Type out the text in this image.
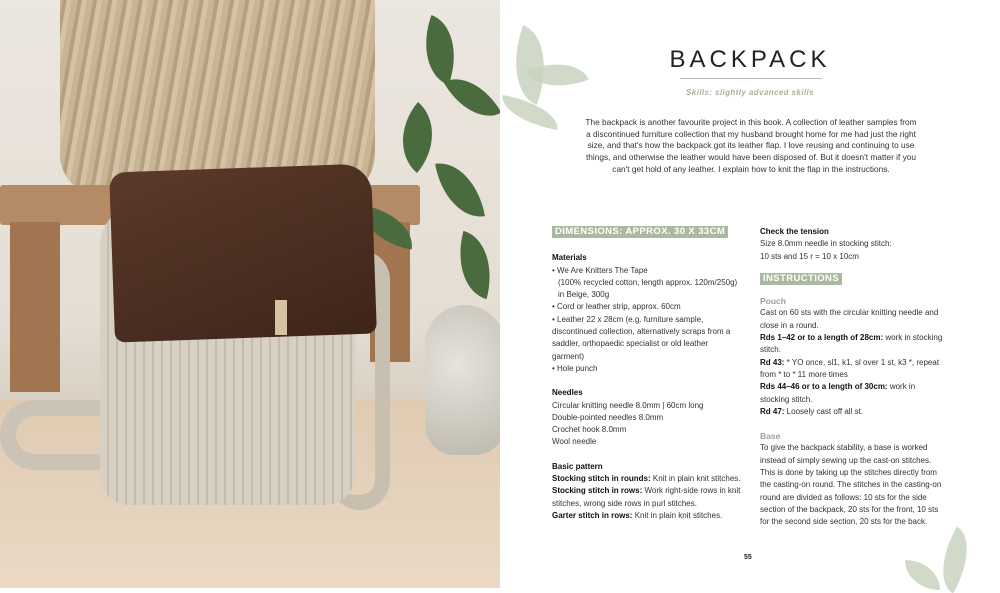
BACKPACK
Skills: slightly advanced skills
The backpack is another favourite project in this book. A collection of leather samples from a discontinued furniture collection that my husband brought home for me had just the right size, and that's how the backpack got its leather flap. I love reusing and continuing to use things, and otherwise the leather would have been disposed of. But it doesn't matter if you can't get hold of any leather. I explain how to knit the flap in the instructions.
DIMENSIONS: APPROX. 30 X 33CM
Materials
• We Are Knitters The Tape
(100% recycled cotton, length approx. 120m/250g) in Beige, 300g
• Cord or leather strip, approx. 60cm
• Leather 22 x 28cm (e.g. furniture sample, discontinued collection, alternatively scraps from a saddler, orthopaedic specialist or old leather garment)
• Hole punch
Needles
Circular knitting needle 8.0mm | 60cm long
Double-pointed needles 8.0mm
Crochet hook 8.0mm
Wool needle
Basic pattern
Stocking stitch in rounds: Knit in plain knit stitches.
Stocking stitch in rows: Work right-side rows in knit stitches, wrong side rows in purl stitches.
Garter stitch in rows: Knit in plain knit stitches.
Check the tension
Size 8.0mm needle in stocking stitch:
10 sts and 15 r = 10 x 10cm
INSTRUCTIONS
Pouch
Cast on 60 sts with the circular knitting needle and close in a round.
Rds 1–42 or to a length of 28cm: work in stocking stitch.
Rd 43: * YO once, sl1, k1, sl over 1 st, k3 *, repeat from * to * 11 more times
Rds 44–46 or to a length of 30cm: work in stocking stitch.
Rd 47: Loosely cast off all st.
Base
To give the backpack stability, a base is worked instead of simply sewing up the cast-on stitches. This is done by taking up the stitches directly from the casting-on round. The stitches in the casting-on round are divided as follows: 10 sts for the side section of the backpack, 20 sts for the front, 10 sts for the second side section, 20 sts for the back.
55
